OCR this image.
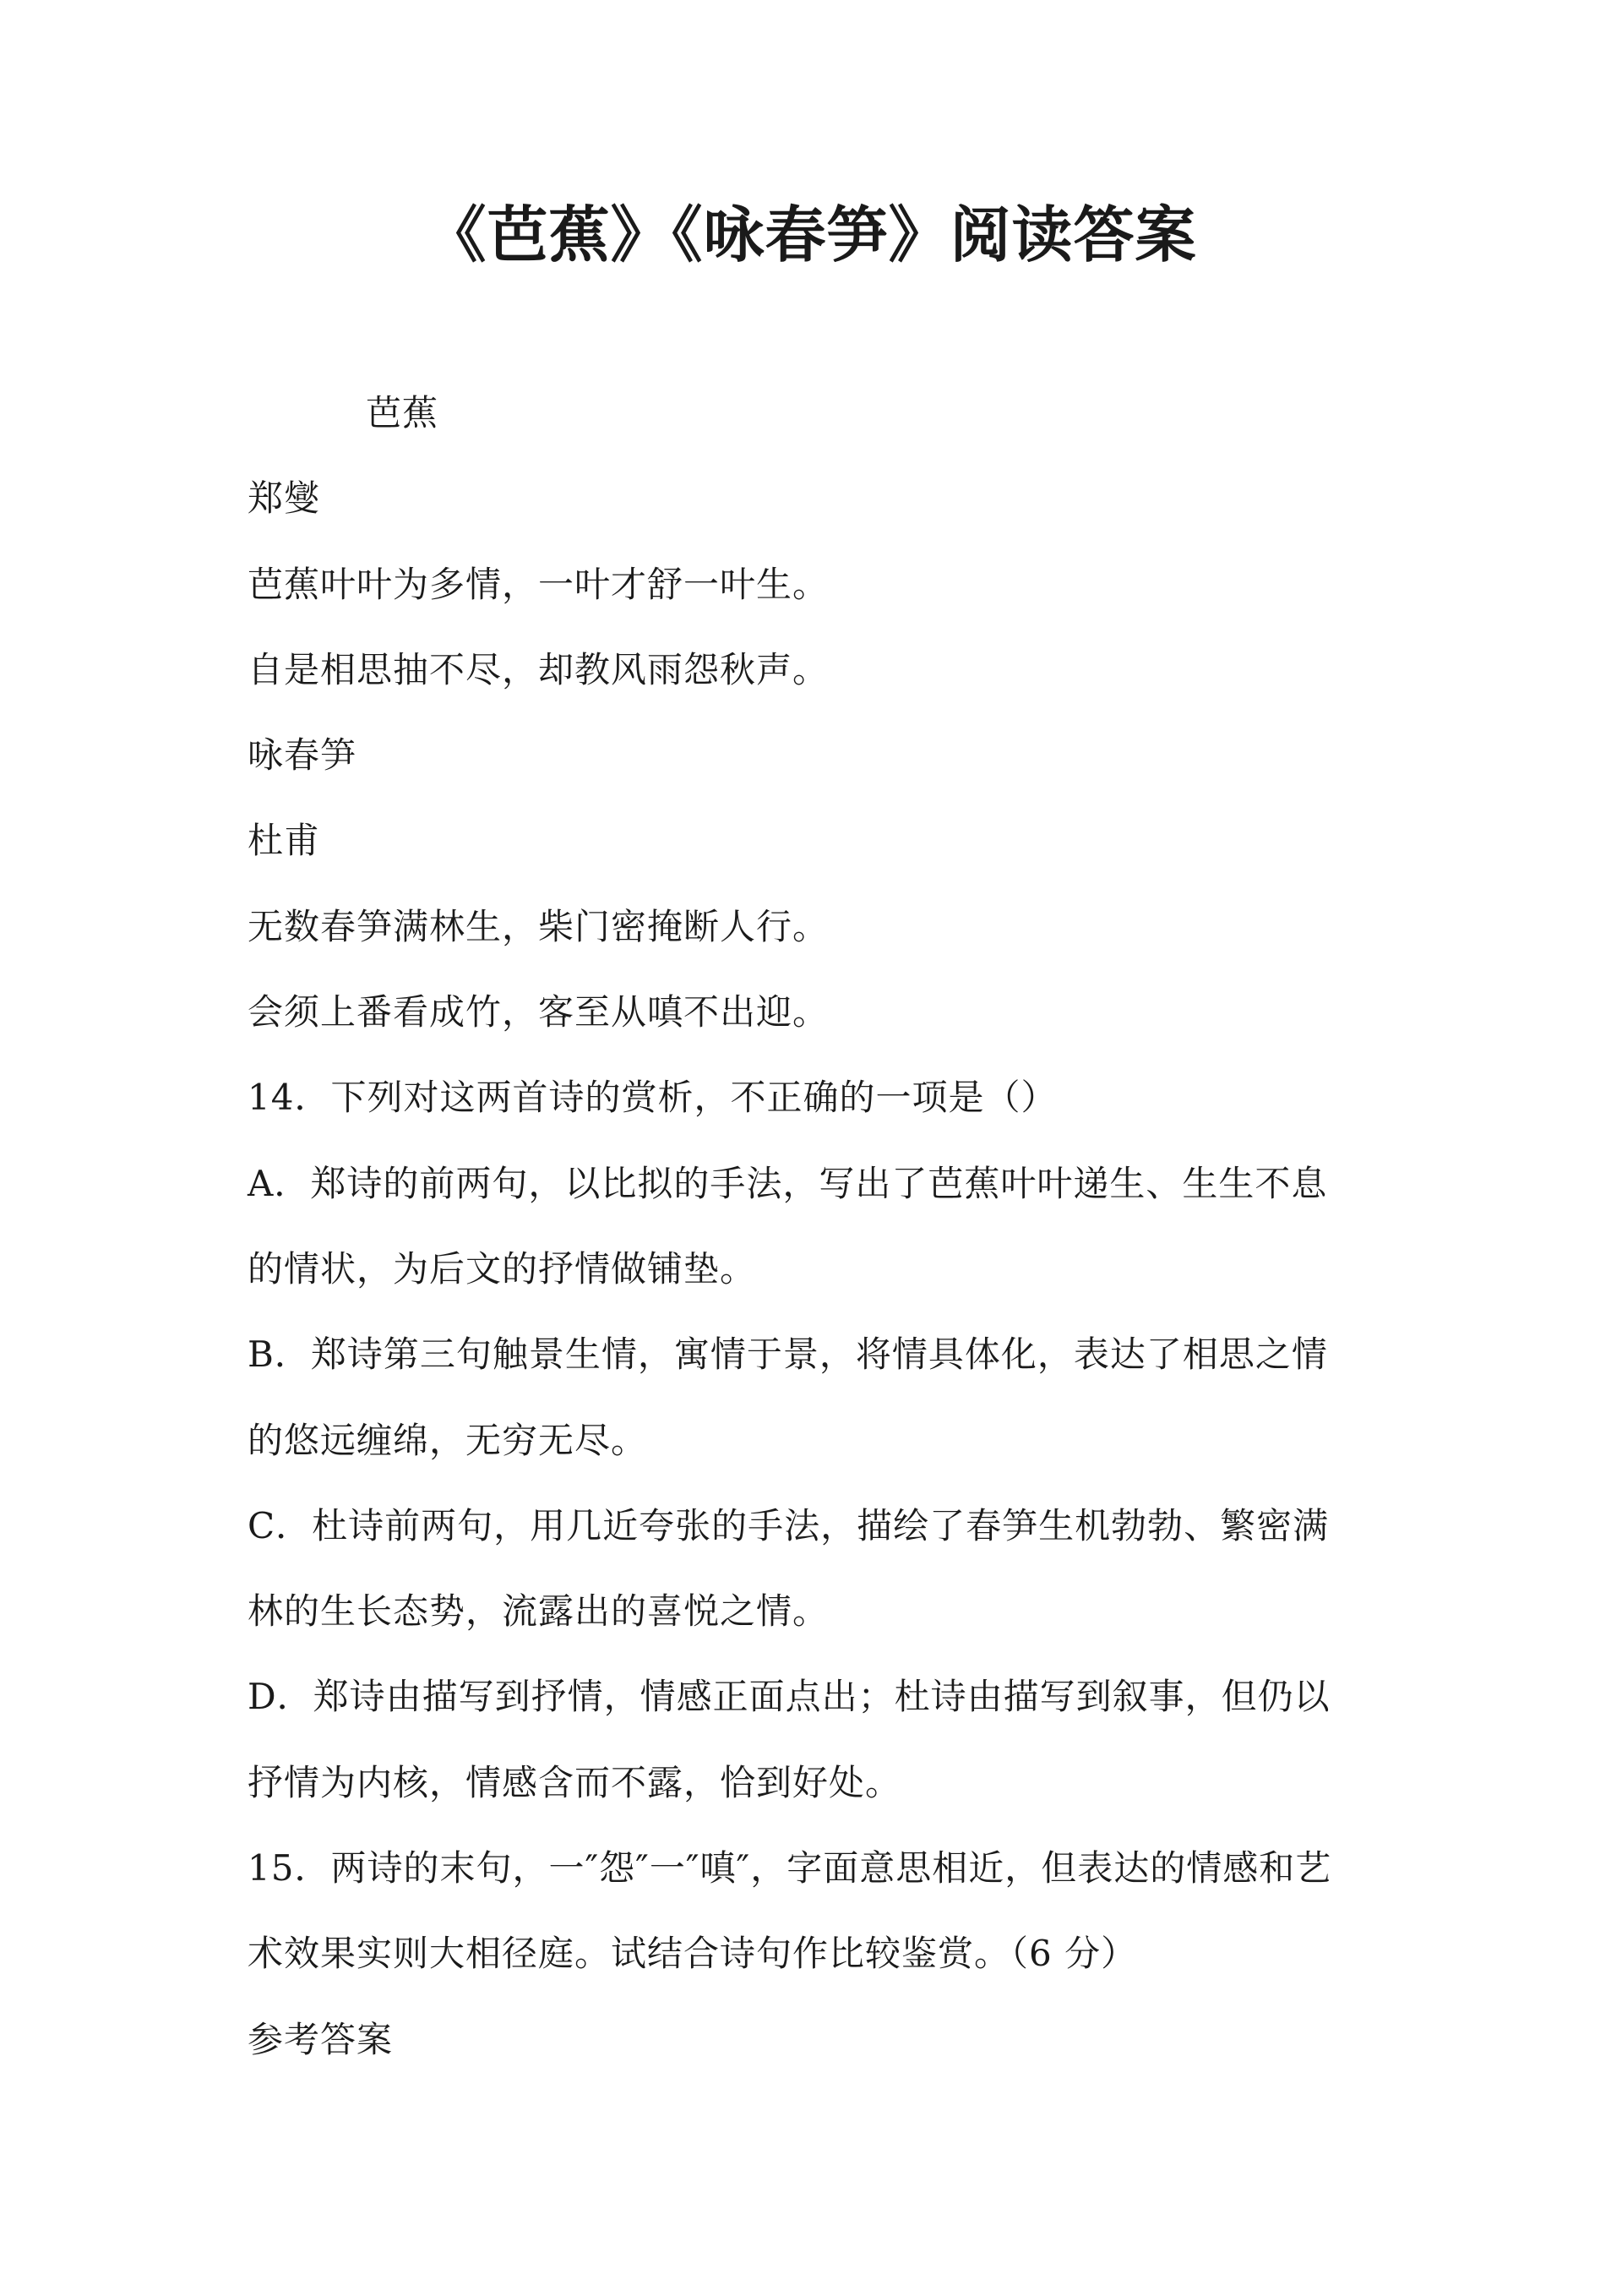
《芭蕉》《咏春笋》阅读答案
芭蕉
郑燮
芭蕉叶叶为多情，一叶才舒一叶生。
自是相思抽不尽，却教风雨怨秋声。
咏春笋
杜甫
无数春笋满林生，柴门密掩断人行。
会须上番看成竹，客至从嗔不出迎。
14．下列对这两首诗的赏析，不正确的一项是（）
A．郑诗的前两句，以比拟的手法，写出了芭蕉叶叶递生、生生不息
的情状，为后文的抒情做铺垫。
B．郑诗第三句触景生情，寓情于景，将情具体化，表达了相思之情
的悠远缠绵，无穷无尽。
C．杜诗前两句，用几近夸张的手法，描绘了春笋生机勃勃、繁密满
林的生长态势，流露出的喜悦之情。
D．郑诗由描写到抒情，情感正面点出；杜诗由描写到叙事，但仍以
抒情为内核，情感含而不露，恰到好处。
15．两诗的末句，一″怨″一″嗔″，字面意思相近，但表达的情感和艺
术效果实则大相径庭。试结合诗句作比较鉴赏。（6 分）
参考答案
